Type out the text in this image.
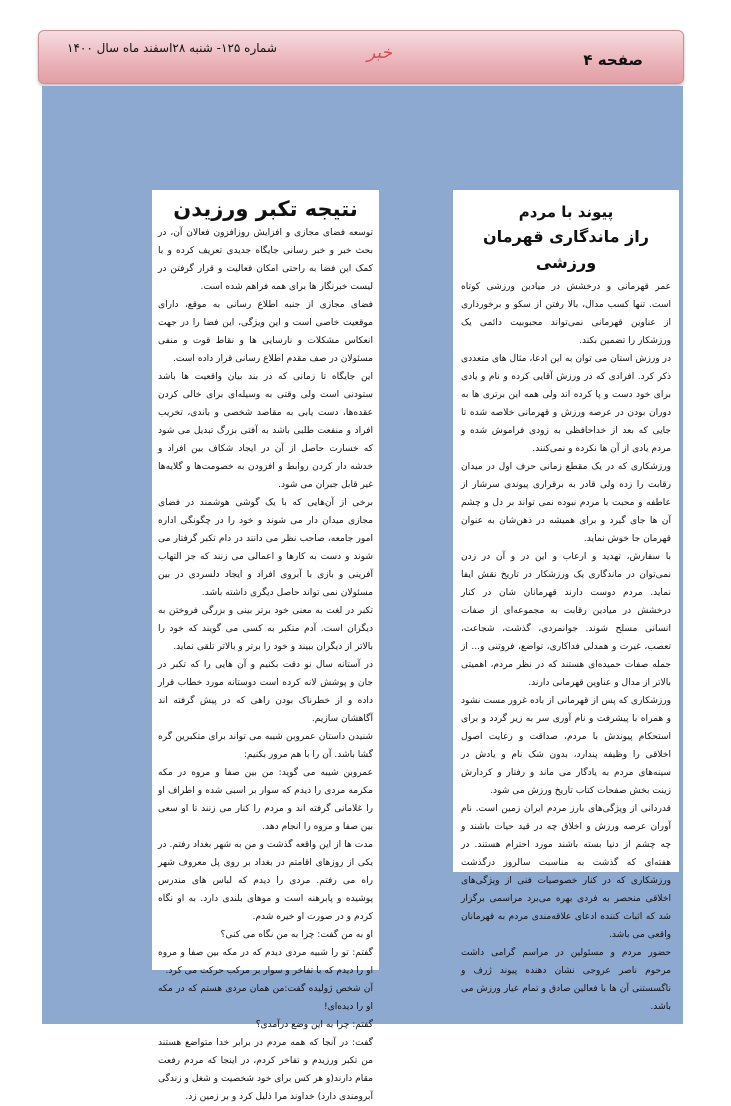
صفحه ۴
خبر
شماره ۱۲۵- شنبه ۲۸اسفند ماه سال ۱۴۰۰
پیوند با مردم
راز ماندگاری قهرمان ورزشی

عمر قهرمانی و درخشش در میادین ورزشی کوتاه است. تنها کسب مدال، بالا رفتن از سکو و برخورداری از عناوین قهرمانی نمی‌تواند محبوبیت دائمی یک ورزشکار را تضمین بکند.

در ورزش استان می توان به این ادعا، مثال های متعددی ذکر کرد. افرادی که در ورزش آقایی کرده و نام و یادی برای خود دست و پا کرده اند ولی همه این برتری ها به دوران بودن در عرصه ورزش و قهرمانی خلاصه شده تا جایی که بعد از خداحافظی به زودی فراموش شده و مردم یادی از آن ها نکرده و نمی‌کنند.

ورزشکاری که در یک مقطع زمانی حرف اول در میدان رقابت را زده ولی قادر به برقراری پیوندی سرشار از عاطفه و محبت با مردم نبوده نمی تواند بر دل و چشم آن ها جای گیرد و برای همیشه در ذهن‌شان به عنوان قهرمان جا خوش نماید.

با سفارش، تهدید و ارعاب و این در و آن در زدن نمی‌توان در ماندگاری یک ورزشکار در تاریخ نقش ایفا نماید. مردم دوست دارند قهرمانان شان در کنار درخشش در میادین رقابت به مجموعه‌ای از صفات انسانی مسلح شوند. جوانمردی، گذشت، شجاعت، تعصب، غیرت و همدلی فداکاری، تواضع، فروتنی و... از جمله صفات حمیده‌ای هستند که در نظر مردم، اهمیتی بالاتر از مدال و عناوین قهرمانی دارند.

ورزشکاری که پس از قهرمانی از باده غرور مست نشود و همراه با پیشرفت و نام آوری سر به زیر گردد و برای استحکام پیوندش با مردم، صداقت و رعایت اصول اخلاقی را وظیفه پندارد، بدون شک نام و یادش در سینه‌های مردم به یادگار می ماند و رفتار و کردارش زینت بخش صفحات کتاب تاریخ ورزش می شود.

قدردانی از ویژگی‌های بارز مردم ایران زمین است. نام آوران عرصه ورزش و اخلاق چه در قید حیات باشند و چه چشم از دنیا بسته باشند مورد احترام هستند. در هفته‌ای که گذشت به مناسبت سالروز درگذشت ورزشکاری که در کنار خصوصیات فنی از ویژگی‌های اخلاقی منحصر به فردی بهره می‌برد مراسمی برگزار شد که اثبات کننده ادعای علاقه‌مندی مردم به قهرمانان واقعی می باشد.

حضور مردم و مسئولین در مراسم گرامی داشت مرحوم ناصر عروجی نشان دهنده پیوند ژرف و ناگسستنی آن ها با فعالین صادق و تمام عیار ورزش می باشد.

نتیجه تکبر ورزیدن

توسعه فضای مجازی و افزایش روزافزون فعالان آن، در بحث خبر و خبر رسانی جایگاه جدیدی تعریف کرده و با کمک این فضا به راحتی امکان فعالیت و قرار گرفتن در لیست خبرنگار ها برای همه فراهم شده است.

فضای مجازی از جنبه اطلاع رسانی به موقع، دارای موقعیت خاصی است و این ویژگی، این فضا را در جهت انعکاس مشکلات و نارسایی ها و نقاط قوت و منفی مسئولان در صف مقدم اطلاع رسانی قرار داده است.

این جایگاه تا زمانی که در بند بیان واقعیت ها باشد ستودنی است ولی وقتی به وسیله‌ای برای خالی کردن عقده‌ها، دست یابی به مقاصد شخصی و باندی، تخریب افراد و منفعت طلبی باشد به آفتی بزرگ تبدیل می شود که خسارت حاصل از آن در ایجاد شکاف بین افراد و خدشه دار کردن روابط و افزودن به خصومت‌ها و گلایه‌ها غیر قابل جبران می شود.

برخی از آن‌هایی که با یک گوشی هوشمند در فضای مجازی میدان دار می شوند و خود را در چگونگی اداره امور جامعه، صاحب نظر می دانند در دام تکبر گرفتار می شوند و دست به کارها و اعمالی می زنند که جز التهاب آفرینی و بازی با آبروی افراد و ایجاد دلسردی در بین مسئولان نمی تواند حاصل دیگری داشته باشد.

تکبر در لغت به معنی خود برتر بینی و بزرگی فروختن به دیگران است. آدم متکبر به کسی می گویند که خود را بالاتر از دیگران ببیند و خود را برتر و بالاتر تلقی نماید.

در آستانه سال نو دقت بکنیم و آن هایی را که تکبر در جان و پوشش لانه کرده است دوستانه مورد خطاب قرار داده و از خطرناک بودن راهی که در پیش گرفته اند آگاهشان سازیم.

شنیدن داستان عمروبن شیبه می تواند برای متکبرین گره گشا باشد. آن را با هم مرور بکنیم:

عمروبن شیبه می گوید: من بین صفا و مروه در مکه مکرمه مردی را دیدم که سوار بر اسبی شده و اطراف او را غلامانی گرفته اند و مردم را کنار می زنند تا او سعی بین صفا و مروه را انجام دهد.

مدت ها از این واقعه گذشت و من به شهر بغداد رفتم. در یکی از روزهای اقامتم در بغداد بر روی پل معروف شهر راه می رفتم. مردی را دیدم که لباس های مندرس پوشیده و پابرهنه است و موهای بلندی دارد. به او نگاه کردم و در صورت او خیره شدم.

او به من گفت: چرا به من نگاه می کنی؟

گفتم: تو را شبیه مردی دیدم که در مکه بین صفا و مروه او را دیدم که با تفاخر و سوار بر مرکب حرکت می کرد.

آن شخص ژولیده گفت:من همان مردی هستم که در مکه او را دیده‌ای!

گفتم: چرا به این وضع درآمدی؟

گفت: در آنجا که همه مردم در برابر خدا متواضع هستند من تکبر ورزیدم و تفاخر کردم، در اینجا که مردم رفعت مقام دارند(و هر کس برای خود شخصیت و شغل و زندگی آبرومندی دارد) خداوند مرا ذلیل کرد و بر زمین زد.
